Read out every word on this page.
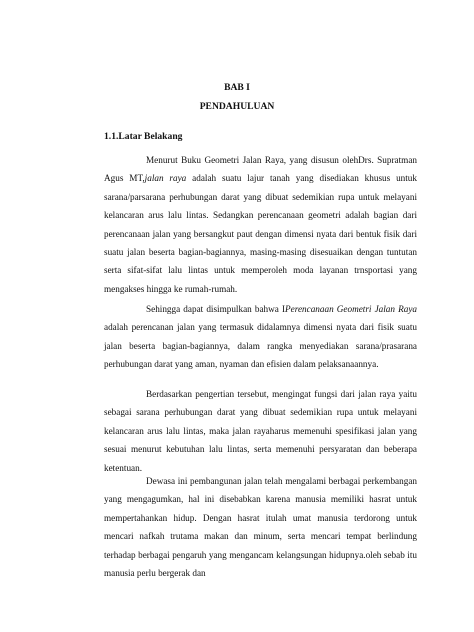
BAB I
PENDAHULUAN
1.1.Latar Belakang

Menurut Buku Geometri Jalan Raya, yang disusun olehDrs. Supratman Agus MT,jalan raya adalah suatu lajur tanah yang disediakan khusus untuk sarana/parsarana perhubungan darat yang dibuat sedemikian rupa untuk melayani kelancaran arus lalu lintas. Sedangkan perencanaan geometri adalah bagian dari perencanaan jalan yang bersangkut paut dengan dimensi nyata dari bentuk fisik dari suatu jalan beserta bagian-bagiannya, masing-masing disesuaikan dengan tuntutan serta sifat-sifat lalu lintas untuk memperoleh moda layanan trnsportasi yang mengakses hingga ke rumah-rumah.

Sehingga dapat disimpulkan bahwa IPerencanaan Geometri Jalan Raya adalah perencanan jalan yang termasuk didalamnya dimensi nyata dari fisik suatu jalan beserta bagian-bagiannya, dalam rangka menyediakan sarana/prasarana perhubungan darat yang aman, nyaman dan efisien dalam pelaksanaannya.

Berdasarkan pengertian tersebut, mengingat fungsi dari jalan raya yaitu sebagai sarana perhubungan darat yang dibuat sedemikian rupa untuk melayani kelancaran arus lalu lintas, maka jalan rayaharus memenuhi spesifikasi jalan yang sesuai menurut kebutuhan lalu lintas, serta memenuhi persyaratan dan beberapa ketentuan.

Dewasa ini pembangunan jalan telah mengalami berbagai perkembangan yang mengagumkan, hal ini disebabkan karena manusia memiliki hasrat untuk mempertahankan hidup. Dengan hasrat itulah umat manusia terdorong untuk mencari nafkah trutama makan dan minum, serta mencari tempat berlindung terhadap berbagai pengaruh yang mengancam kelangsungan hidupnya.oleh sebab itu manusia perlu bergerak dan
